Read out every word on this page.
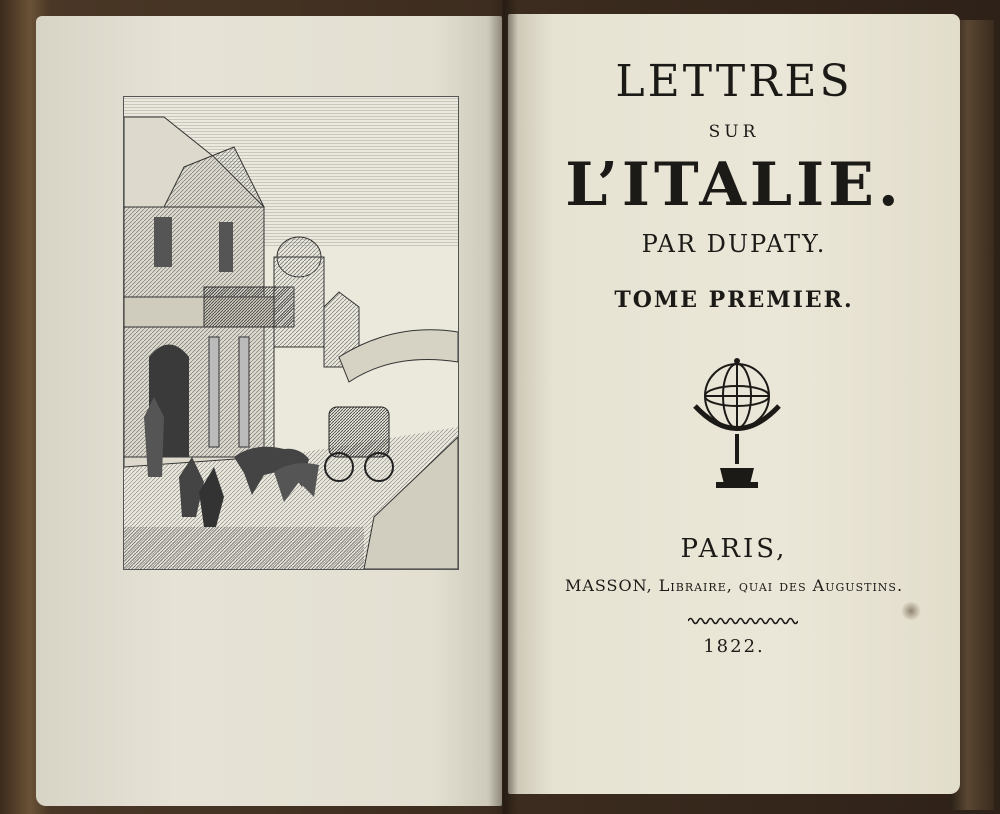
LETTRES
SUR
L’ITALIE.
PAR DUPATY.
TOME PREMIER.
PARIS,
MASSON, Libraire, quai des Augustins.
1822.
